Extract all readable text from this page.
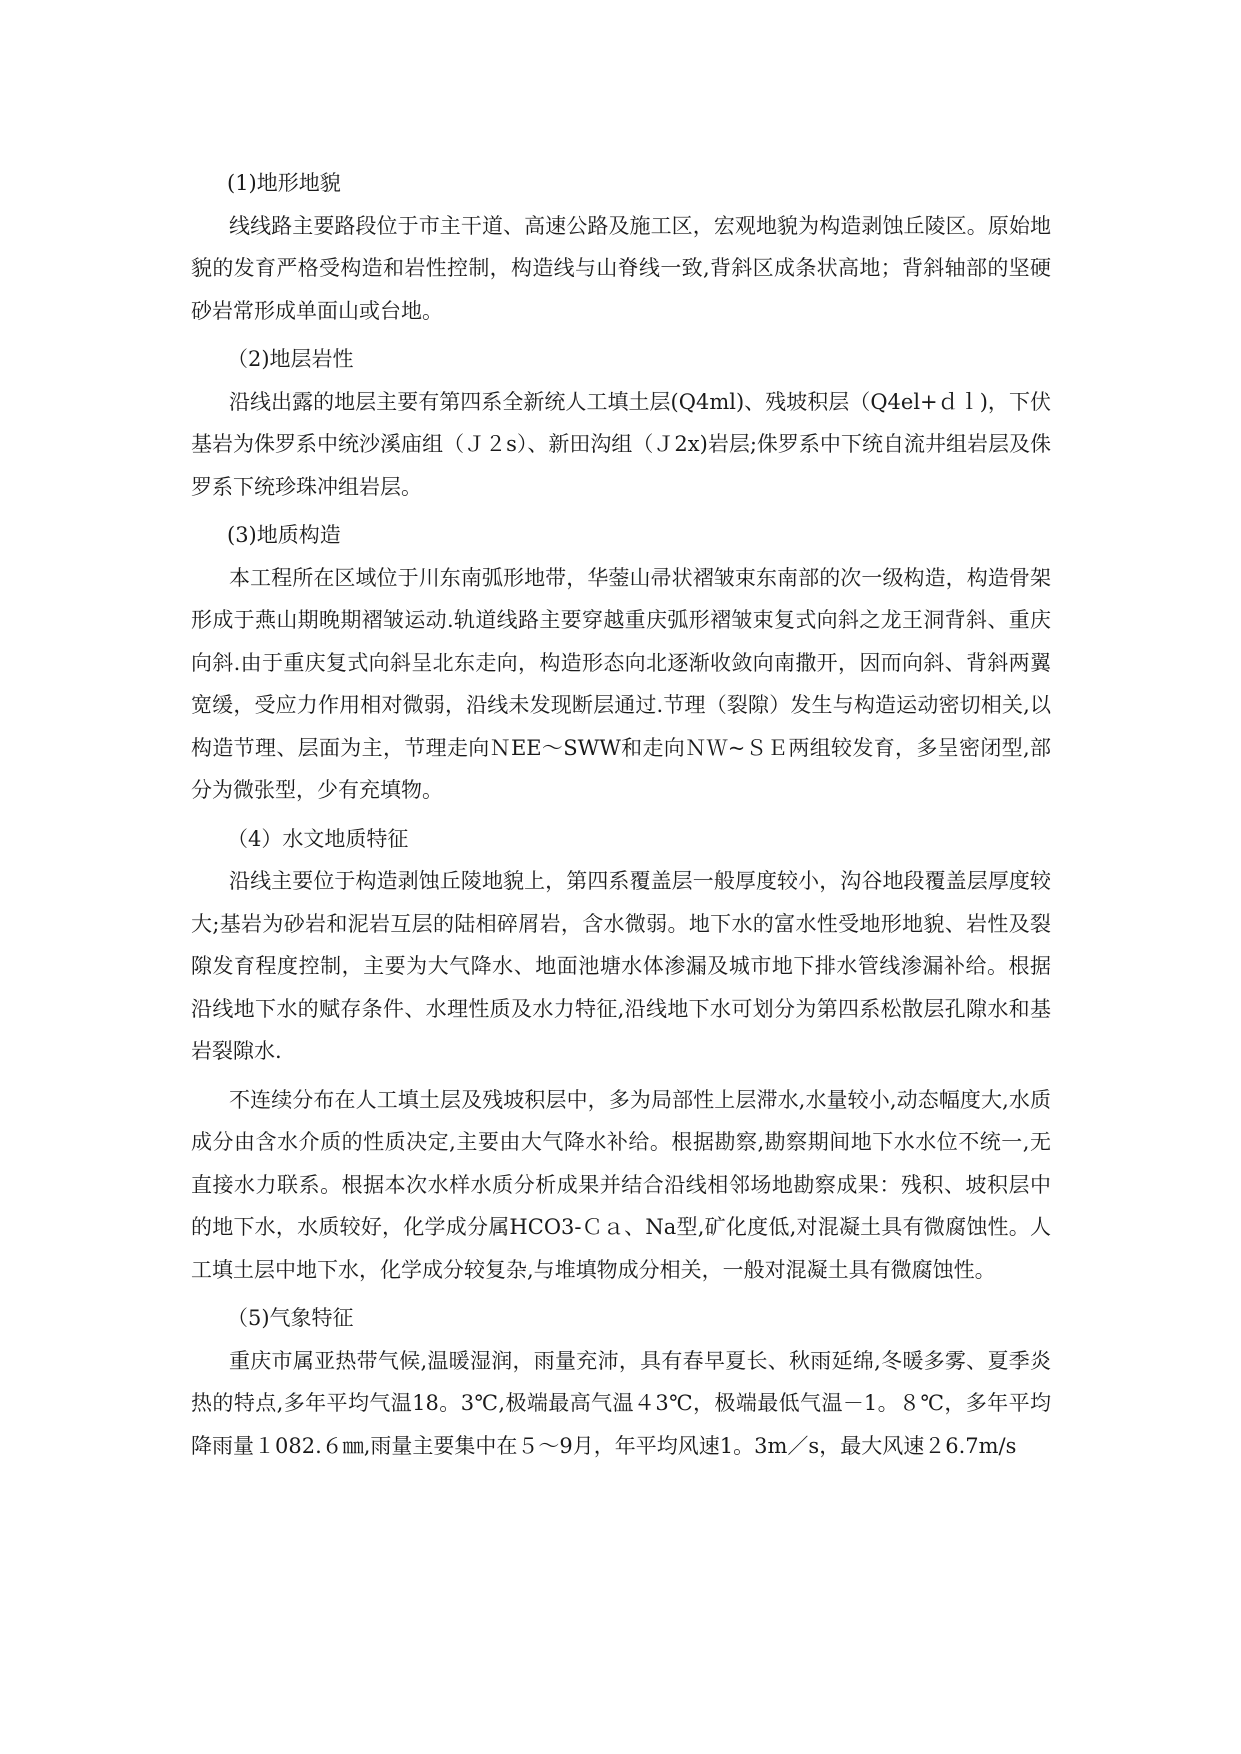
(1)地形地貌

线线路主要路段位于市主干道、高速公路及施工区，宏观地貌为构造剥蚀丘陵区。原始地貌的发育严格受构造和岩性控制，构造线与山脊线一致,背斜区成条状高地；背斜轴部的坚硬砂岩常形成单面山或台地。

（2)地层岩性

沿线出露的地层主要有第四系全新统人工填土层(Q4ml)、残坡积层（Q4el+ｄｌ)，下伏基岩为侏罗系中统沙溪庙组（Ｊ２s）、新田沟组（Ｊ2x)岩层;侏罗系中下统自流井组岩层及侏罗系下统珍珠冲组岩层。

(3)地质构造

本工程所在区域位于川东南弧形地带，华蓥山帚状褶皱束东南部的次一级构造，构造骨架形成于燕山期晚期褶皱运动.轨道线路主要穿越重庆弧形褶皱束复式向斜之龙王洞背斜、重庆向斜.由于重庆复式向斜呈北东走向，构造形态向北逐渐收敛向南撒开，因而向斜、背斜两翼宽缓，受应力作用相对微弱，沿线未发现断层通过.节理（裂隙）发生与构造运动密切相关,以构造节理、层面为主，节理走向ＮEE～SWW和走向ＮＷ~ＳＥ两组较发育，多呈密闭型,部分为微张型，少有充填物。

（4）水文地质特征

沿线主要位于构造剥蚀丘陵地貌上，第四系覆盖层一般厚度较小，沟谷地段覆盖层厚度较大;基岩为砂岩和泥岩互层的陆相碎屑岩，含水微弱。地下水的富水性受地形地貌、岩性及裂隙发育程度控制，主要为大气降水、地面池塘水体渗漏及城市地下排水管线渗漏补给。根据沿线地下水的赋存条件、水理性质及水力特征,沿线地下水可划分为第四系松散层孔隙水和基岩裂隙水.

不连续分布在人工填土层及残坡积层中，多为局部性上层滞水,水量较小,动态幅度大,水质成分由含水介质的性质决定,主要由大气降水补给。根据勘察,勘察期间地下水水位不统一,无直接水力联系。根据本次水样水质分析成果并结合沿线相邻场地勘察成果：残积、坡积层中的地下水，水质较好，化学成分属HCO3-Ｃａ、Na型,矿化度低,对混凝土具有微腐蚀性。人工填土层中地下水，化学成分较复杂,与堆填物成分相关，一般对混凝土具有微腐蚀性。

（5)气象特征

重庆市属亚热带气候,温暖湿润，雨量充沛，具有春早夏长、秋雨延绵,冬暖多雾、夏季炎热的特点,多年平均气温18。3℃,极端最高气温４3℃，极端最低气温－1。８℃，多年平均降雨量１082.６㎜,雨量主要集中在５～9月，年平均风速1。3m／s，最大风速２6.7m/s
